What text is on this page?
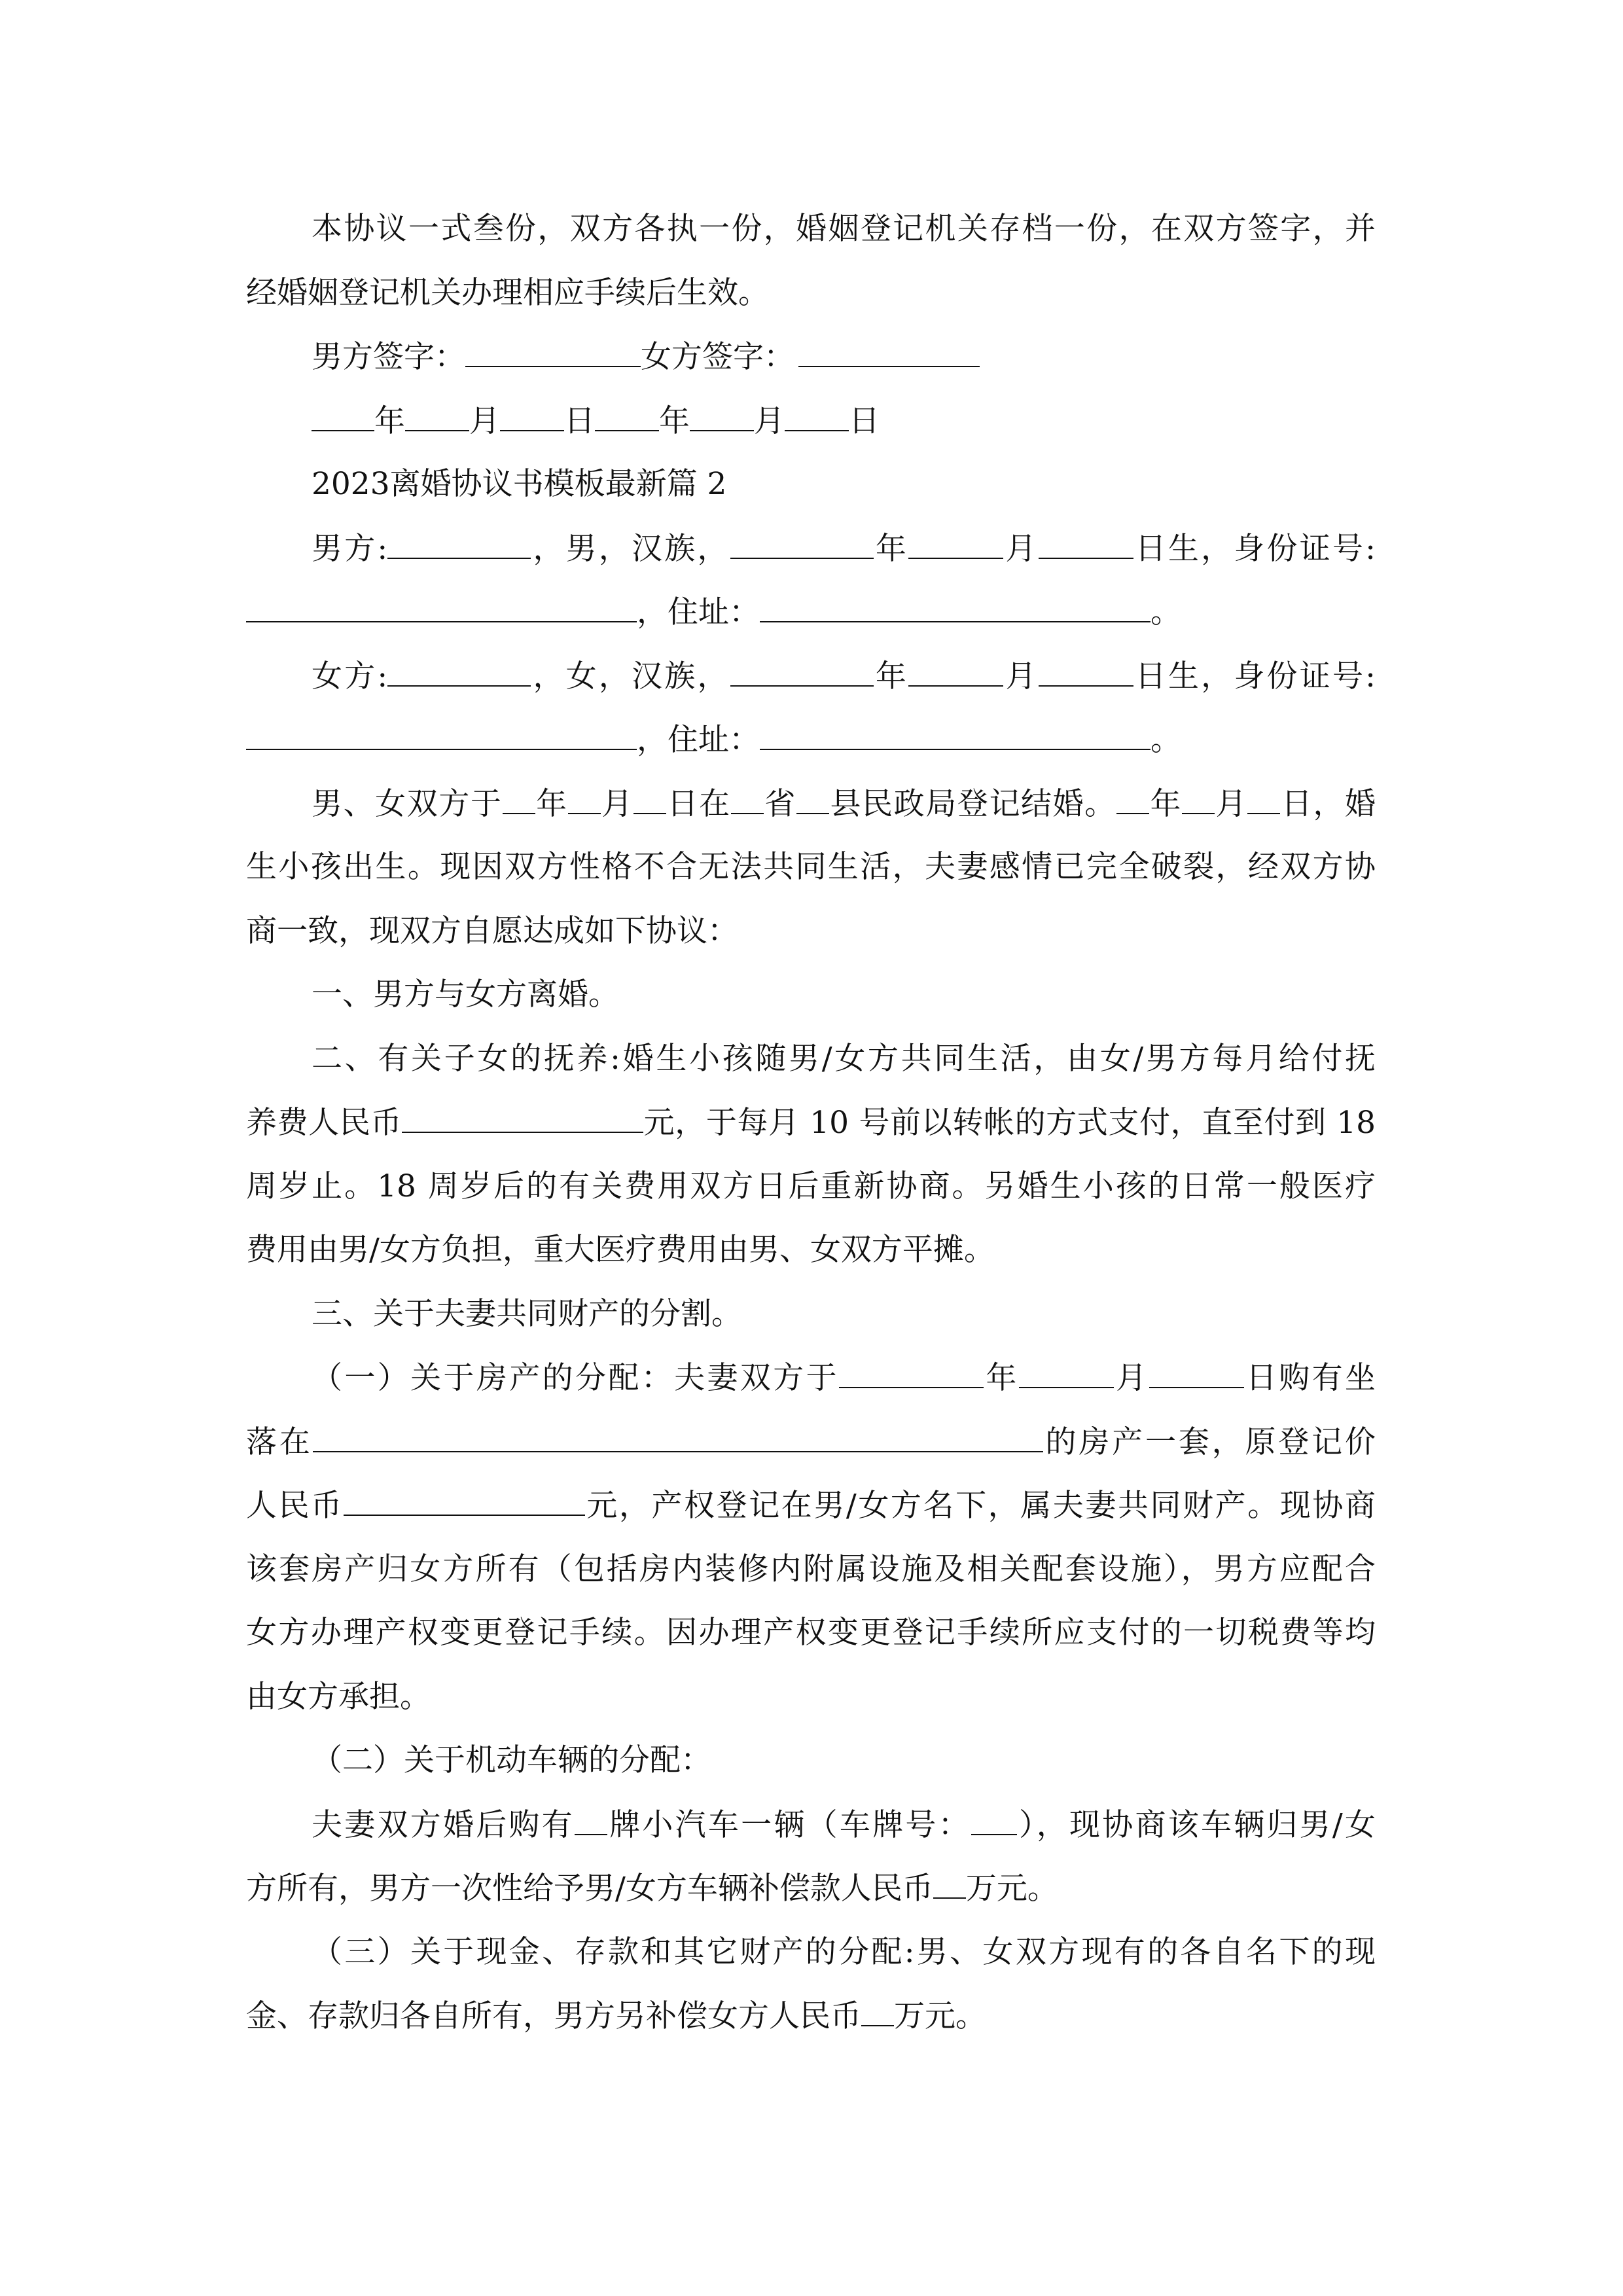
本协议一式叁份，双方各执一份，婚姻登记机关存档一份，在双方签字，并
经婚姻登记机关办理相应手续后生效。
男方签字：	女方签字：
年 月 日 年 月 日
2023离婚协议书模板最新篇 2
男方:	，男，汉族，	年	月	日生，身份证号:
，住址：	。
女方:	，女，汉族，	年	月	日生，身份证号:
，住址：	。
男、女双方于 年 月 日在 省 县民政局登记结婚。 年 月 日，婚
生小孩出生。现因双方性格不合无法共同生活，夫妻感情已完全破裂，经双方协
商一致，现双方自愿达成如下协议：
一、男方与女方离婚。
二、有关子女的抚养:婚生小孩随男/女方共同生活，由女/男方每月给付抚
养费人民币	元，于每月 10 号前以转帐的方式支付，直至付到 18
周岁止。18 周岁后的有关费用双方日后重新协商。另婚生小孩的日常一般医疗
费用由男/女方负担，重大医疗费用由男、女双方平摊。
三、关于夫妻共同财产的分割。
（一）关于房产的分配：夫妻双方于	年	月	日购有坐
落在	的房产一套，原登记价
人民币	元，产权登记在男/女方名下，属夫妻共同财产。现协商
该套房产归女方所有（包括房内装修内附属设施及相关配套设施），男方应配合
女方办理产权变更登记手续。因办理产权变更登记手续所应支付的一切税费等均
由女方承担。
（二）关于机动车辆的分配：
夫妻双方婚后购有 牌小汽车一辆（车牌号： ），现协商该车辆归男/女
方所有，男方一次性给予男/女方车辆补偿款人民币 万元。
（三）关于现金、存款和其它财产的分配:男、女双方现有的各自名下的现
金、存款归各自所有，男方另补偿女方人民币 万元。
